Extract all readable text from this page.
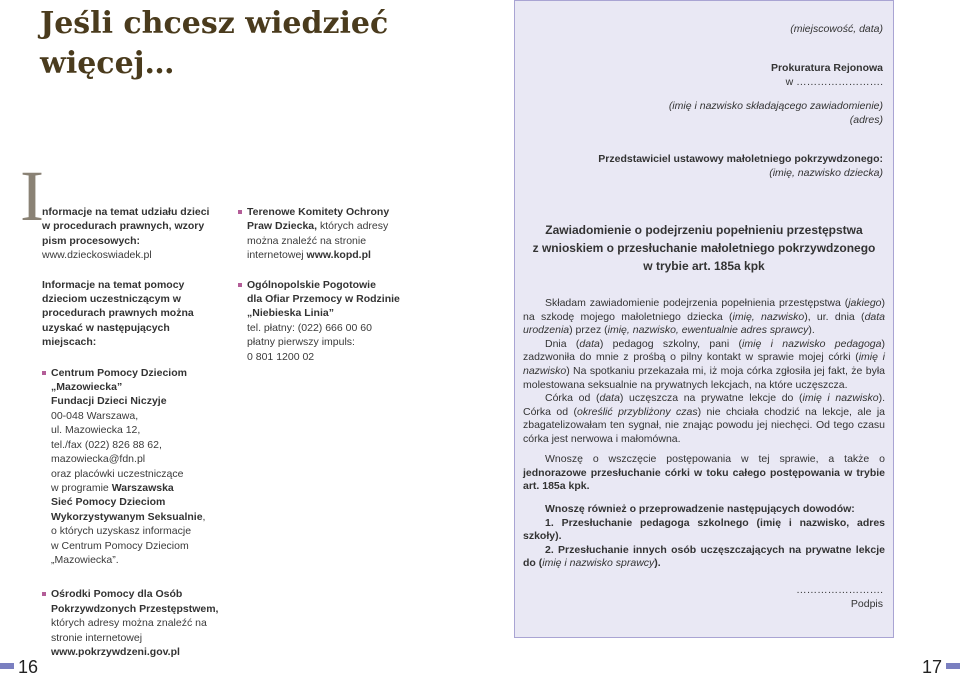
Jeśli chcesz wiedzieć
więcej…
I

nformacje na temat udziału dzieci w procedurach prawnych, wzory pism procesowych:
www.dzieckoswiadek.pl

Informacje na temat pomocy dzieciom uczestniczącym w procedurach prawnych można uzyskać w następujących miejscach:

Centrum Pomocy Dzieciom
„Mazowiecka”
Fundacji Dzieci Niczyje
00-048 Warszawa,
ul. Mazowiecka 12,
tel./fax (022) 826 88 62,
mazowiecka@fdn.pl
oraz placówki uczestniczące
w programie Warszawska
Sieć Pomocy Dzieciom
Wykorzystywanym Seksualnie,
o których uzyskasz informacje
w Centrum Pomocy Dzieciom
„Mazowiecka”.
Ośrodki Pomocy dla Osób Pokrzywdzonych Przestępstwem, których adresy można znaleźć na stronie internetowej
www.pokrzywdzeni.gov.pl
Terenowe Komitety Ochrony Praw Dziecka, których adresy można znaleźć na stronie internetowej www.kopd.pl
Ogólnopolskie Pogotowie
dla Ofiar Przemocy w Rodzinie
„Niebieska Linia”
tel. płatny: (022) 666 00 60
płatny pierwszy impuls:
0 801 1200 02
(miejscowość, data)
Prokuratura Rejonowa
w …………………….
(imię i nazwisko składającego zawiadomienie)
(adres)
Przedstawiciel ustawowy małoletniego pokrzywdzonego:
(imię, nazwisko dziecka)
Zawiadomienie o podejrzeniu popełnieniu przestępstwa
z wnioskiem o przesłuchanie małoletniego pokrzywdzonego
w trybie art. 185a kpk

Składam zawiadomienie podejrzenia popełnienia przestępstwa (jakiego) na szkodę mojego małoletniego dziecka (imię, nazwisko), ur. dnia (data urodzenia) przez (imię, nazwisko, ewentualnie adres sprawcy).

Dnia (data) pedagog szkolny, pani (imię i nazwisko pedagoga) zadzwoniła do mnie z prośbą o pilny kontakt w sprawie mojej córki (imię i nazwisko) Na spotkaniu przekazała mi, iż moja córka zgłosiła jej fakt, że była molestowana seksualnie na prywatnych lekcjach, na które uczęszcza.

Córka od (data) uczęszcza na prywatne lekcje do (imię i nazwisko). Córka od (określić przybliżony czas) nie chciała chodzić na lekcje, ale ja zbagatelizowałam ten sygnał, nie znając powodu jej niechęci. Od tego czasu córka jest nerwowa i małomówna.

Wnoszę o wszczęcie postępowania w tej sprawie, a także o jednorazowe przesłuchanie córki w toku całego postępowania w trybie art. 185a kpk.

Wnoszę również o przeprowadzenie następujących dowodów:

1. Przesłuchanie pedagoga szkolnego (imię i nazwisko, adres szkoły).

2. Przesłuchanie innych osób uczęszczających na prywatne lekcje do (imię i nazwisko sprawcy).

…………………….
Podpis
16	17
